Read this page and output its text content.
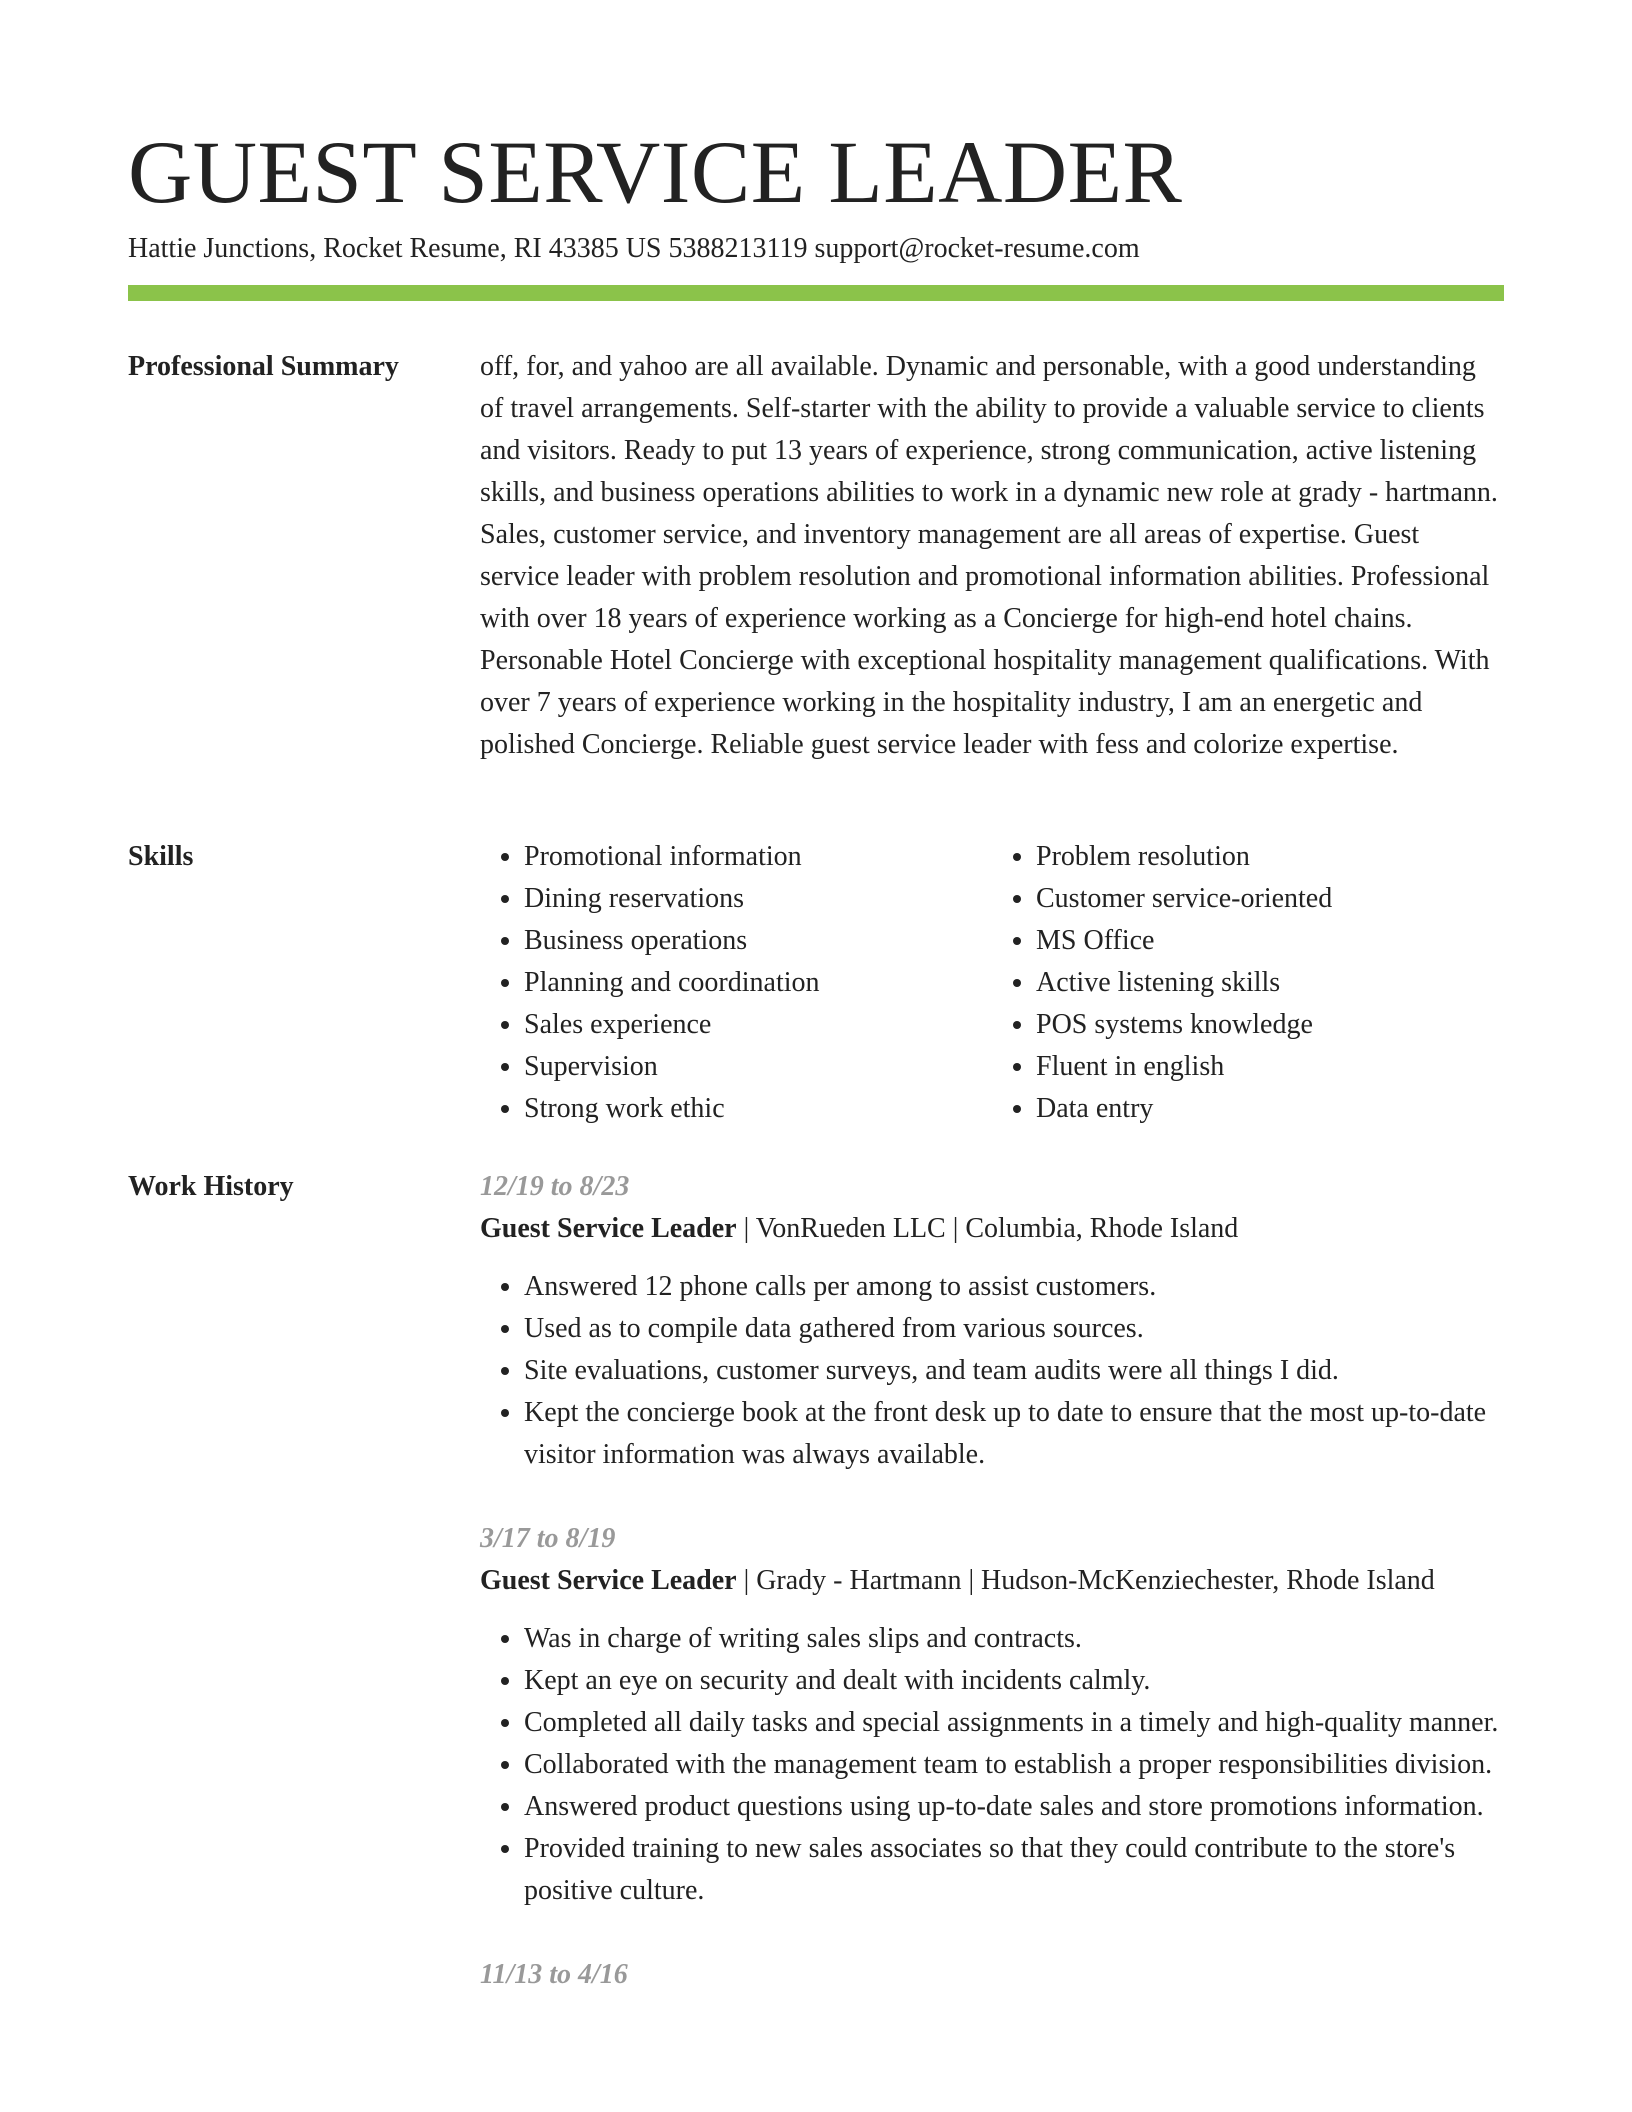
GUEST SERVICE LEADER
Hattie Junctions, Rocket Resume, RI 43385 US 5388213119 support@rocket-resume.com
Professional Summary	off, for, and yahoo are all available. Dynamic and personable, with a good understanding of travel arrangements. Self-starter with the ability to provide a valuable service to clients and visitors. Ready to put 13 years of experience, strong communication, active listening skills, and business operations abilities to work in a dynamic new role at grady - hartmann. Sales, customer service, and inventory management are all areas of expertise. Guest service leader with problem resolution and promotional information abilities. Professional with over 18 years of experience working as a Concierge for high-end hotel chains. Personable Hotel Concierge with exceptional hospitality management qualifications. With over 7 years of experience working in the hospitality industry, I am an energetic and polished Concierge. Reliable guest service leader with fess and colorize expertise.

Skills
•	Promotional information
• Dining reservations
• Business operations
• Planning and coordination
• Sales experience
• Supervision
• Strong work ethic
• Problem resolution
• Customer service-oriented
• MS Office
• Active listening skills
• POS systems knowledge
• Fluent in english
• Data entry
Work History	12/19 to 8/23
Guest Service Leader | VonRueden LLC | Columbia, Rhode Island
• Answered 12 phone calls per among to assist customers.
• Used as to compile data gathered from various sources.
• Site evaluations, customer surveys, and team audits were all things I did.
• Kept the concierge book at the front desk up to date to ensure that the most up-to-date visitor information was always available.
3/17 to 8/19
Guest Service Leader | Grady - Hartmann | Hudson-McKenziechester, Rhode Island
• Was in charge of writing sales slips and contracts.
• Kept an eye on security and dealt with incidents calmly.
• Completed all daily tasks and special assignments in a timely and high-quality manner.
• Collaborated with the management team to establish a proper responsibilities division.
• Answered product questions using up-to-date sales and store promotions information.
• Provided training to new sales associates so that they could contribute to the store's positive culture.
11/13 to 4/16
